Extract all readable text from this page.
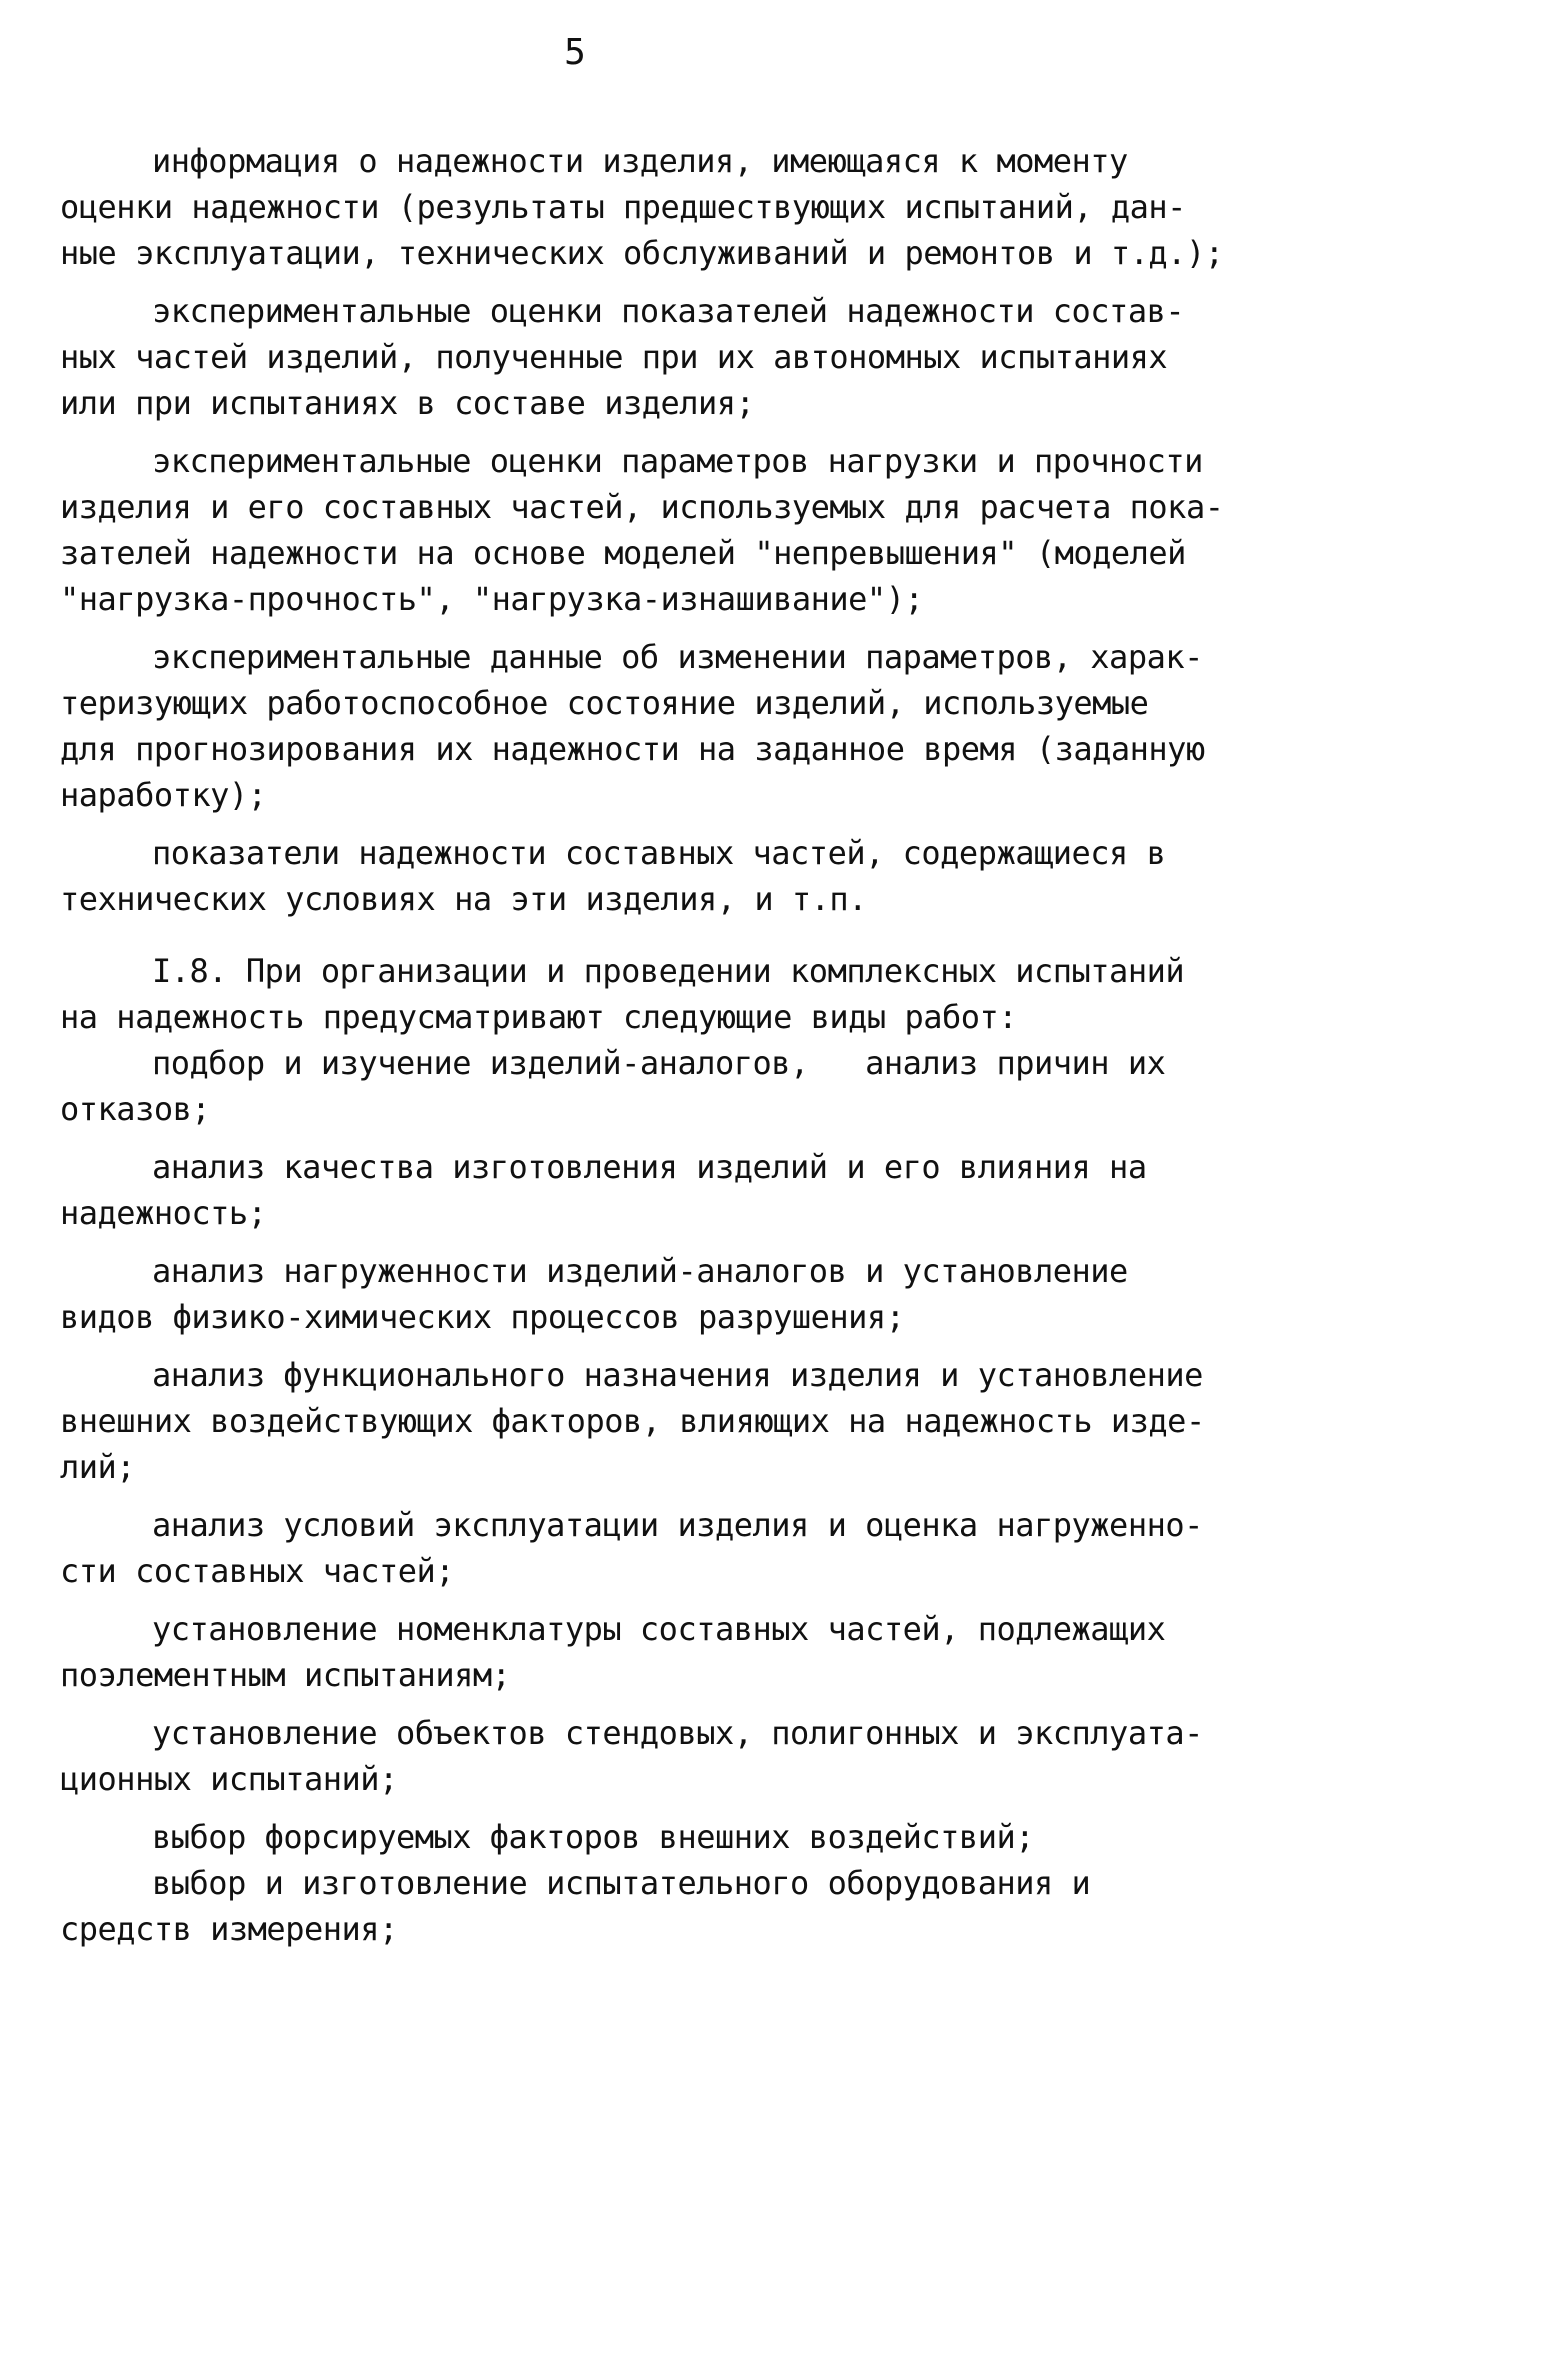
5
информация о надежности изделия, имеющаяся к моменту
оценки надежности (результаты предшествующих испытаний, дан-
ные эксплуатации, технических обслуживаний и ремонтов и т.д.);
экспериментальные оценки показателей надежности состав-
ных частей изделий, полученные при их автономных испытаниях
или при испытаниях в составе изделия;
экспериментальные оценки параметров нагрузки и прочности
изделия и его составных частей, используемых для расчета пока-
зателей надежности на основе моделей "непревышения" (моделей
"нагрузка-прочность", "нагрузка-изнашивание");
экспериментальные данные об изменении параметров, харак-
теризующих работоспособное состояние изделий, используемые
для прогнозирования их надежности на заданное время (заданную
наработку);
показатели надежности составных частей, содержащиеся в
технических условиях на эти изделия, и т.п.
I.8. При организации и проведении комплексных испытаний
на надежность предусматривают следующие виды работ:
подбор и изучение изделий-аналогов,   анализ причин их
отказов;
анализ качества изготовления изделий и его влияния на
надежность;
анализ нагруженности изделий-аналогов и установление
видов физико-химических процессов разрушения;
анализ функционального назначения изделия и установление
внешних воздействующих факторов, влияющих на надежность изде-
лий;
анализ условий эксплуатации изделия и оценка нагруженно-
сти составных частей;
установление номенклатуры составных частей, подлежащих
поэлементным испытаниям;
установление объектов стендовых, полигонных и эксплуата-
ционных испытаний;
выбор форсируемых факторов внешних воздействий;
выбор и изготовление испытательного оборудования и
средств измерения;
